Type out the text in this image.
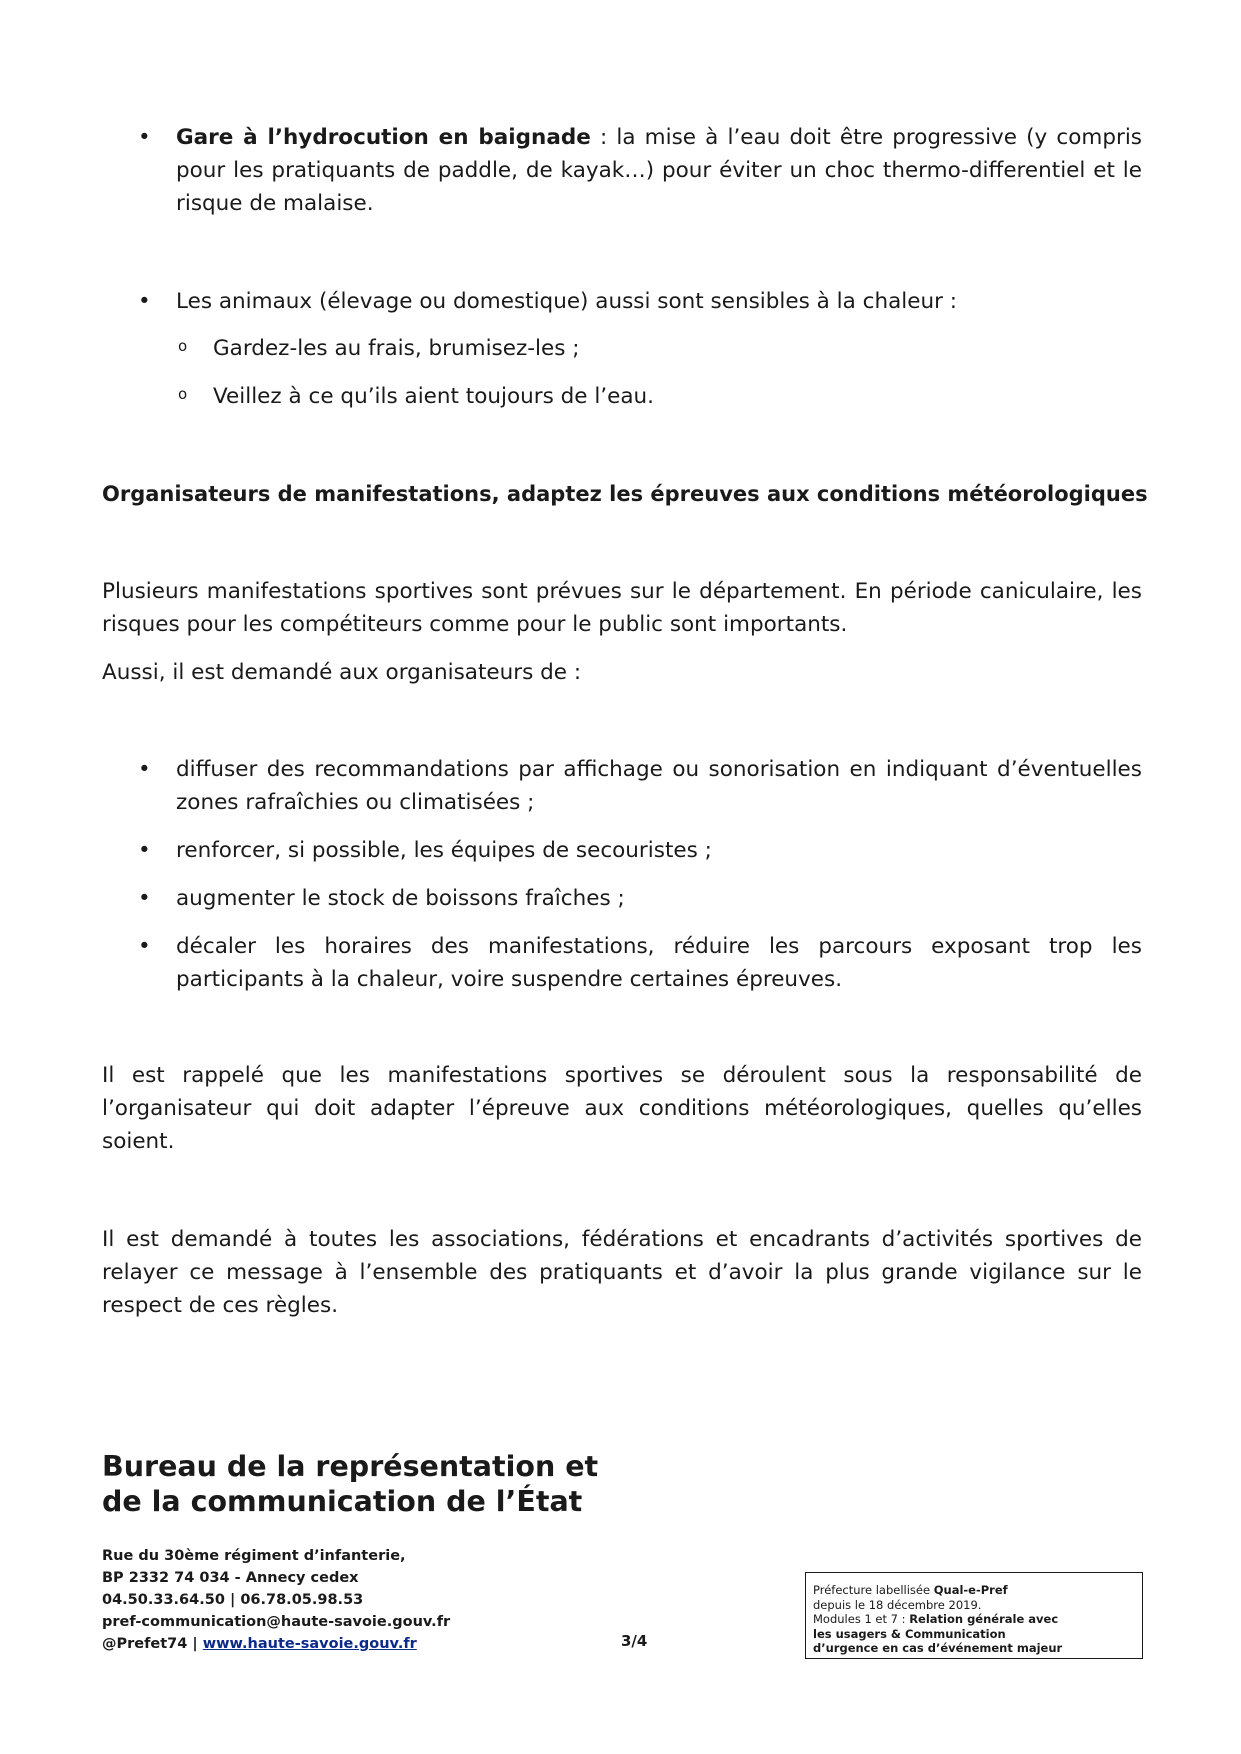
• Gare à l’hydrocution en baignade : la mise à l’eau doit être progressive (y compris pour les pratiquants de paddle, de kayak…) pour éviter un choc thermo-differentiel et le risque de malaise.
• Les animaux (élevage ou domestique) aussi sont sensibles à la chaleur :
o Gardez-les au frais, brumisez-les ;
o Veillez à ce qu’ils aient toujours de l’eau.
Organisateurs de manifestations, adaptez les épreuves aux conditions météorologiques

Plusieurs manifestations sportives sont prévues sur le département. En période caniculaire, les risques pour les compétiteurs comme pour le public sont importants.

Aussi, il est demandé aux organisateurs de :

• diffuser des recommandations par affichage ou sonorisation en indiquant d’éventuelles zones rafraîchies ou climatisées ;
• renforcer, si possible, les équipes de secouristes ;
• augmenter le stock de boissons fraîches ;
• décaler les horaires des manifestations, réduire les parcours exposant trop les participants à la chaleur, voire suspendre certaines épreuves.

Il est rappelé que les manifestations sportives se déroulent sous la responsabilité de l’organisateur qui doit adapter l’épreuve aux conditions météorologiques, quelles qu’elles soient.

Il est demandé à toutes les associations, fédérations et encadrants d’activités sportives de relayer ce message à l’ensemble des pratiquants et d’avoir la plus grande vigilance sur le respect de ces règles.

Bureau de la représentation et
de la communication de l’État
Rue du 30ème régiment d’infanterie,
BP 2332 74 034 - Annecy cedex
04.50.33.64.50 | 06.78.05.98.53
pref-communication@haute-savoie.gouv.fr
@Prefet74 | www.haute-savoie.gouv.fr	3/4
Préfecture labellisée Qual-e-Pref
depuis le 18 décembre 2019.
Modules 1 et 7 : Relation générale avec
les usagers & Communication
d’urgence en cas d’événement majeur
